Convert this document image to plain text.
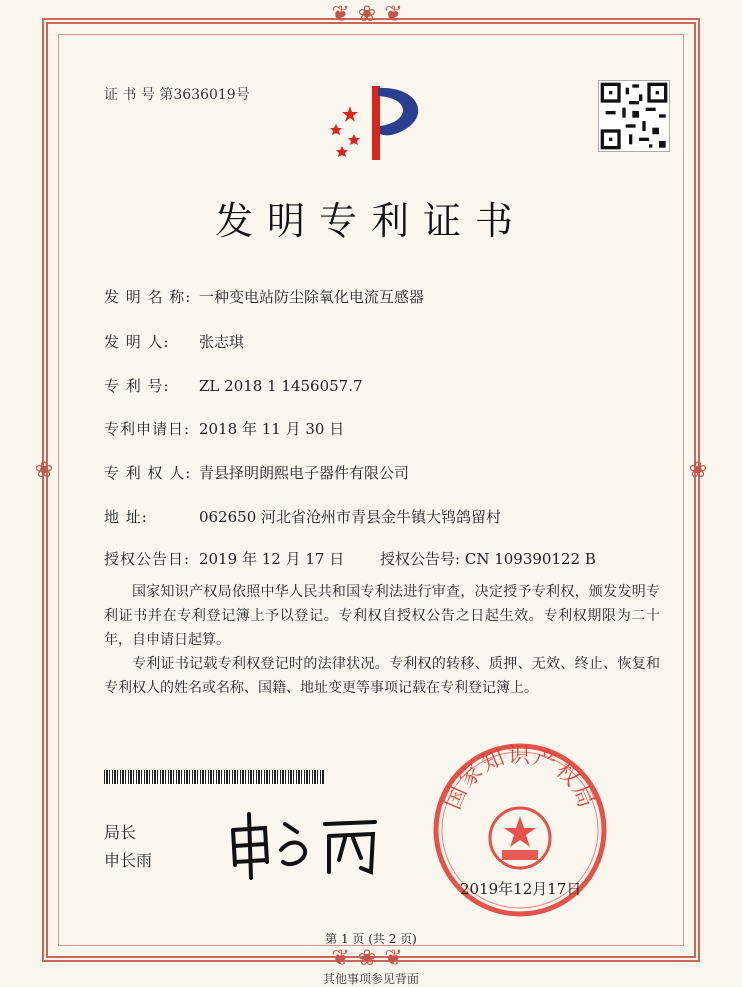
❦❀❦
❦❀❦
❀	❀
证 书 号 第3636019号
发明专利证书
发 明 名 称: 一种变电站防尘除氧化电流互感器
发 明 人: 张志琪
专 利 号: ZL 2018 1 1456057.7
专利申请日: 2018 年 11 月 30 日
专 利 权 人: 青县择明朗熙电子器件有限公司
地 址:	062650 河北省沧州市青县金牛镇大鸨鸽留村
授权公告日: 2019 年 12 月 17 日 授权公告号: CN 109390122 B
国家知识产权局依照中华人民共和国专利法进行审查，决定授予专利权，颁发发明专利证书并在专利登记簿上予以登记。专利权自授权公告之日起生效。专利权期限为二十年，自申请日起算。
专利证书记载专利权登记时的法律状况。专利权的转移、质押、无效、终止、恢复和专利权人的姓名或名称、国籍、地址变更等事项记载在专利登记簿上。
局长
申长雨
国家知识产权局
2019年12月17日
第 1 页 (共 2 页)
其他事项参见背面
